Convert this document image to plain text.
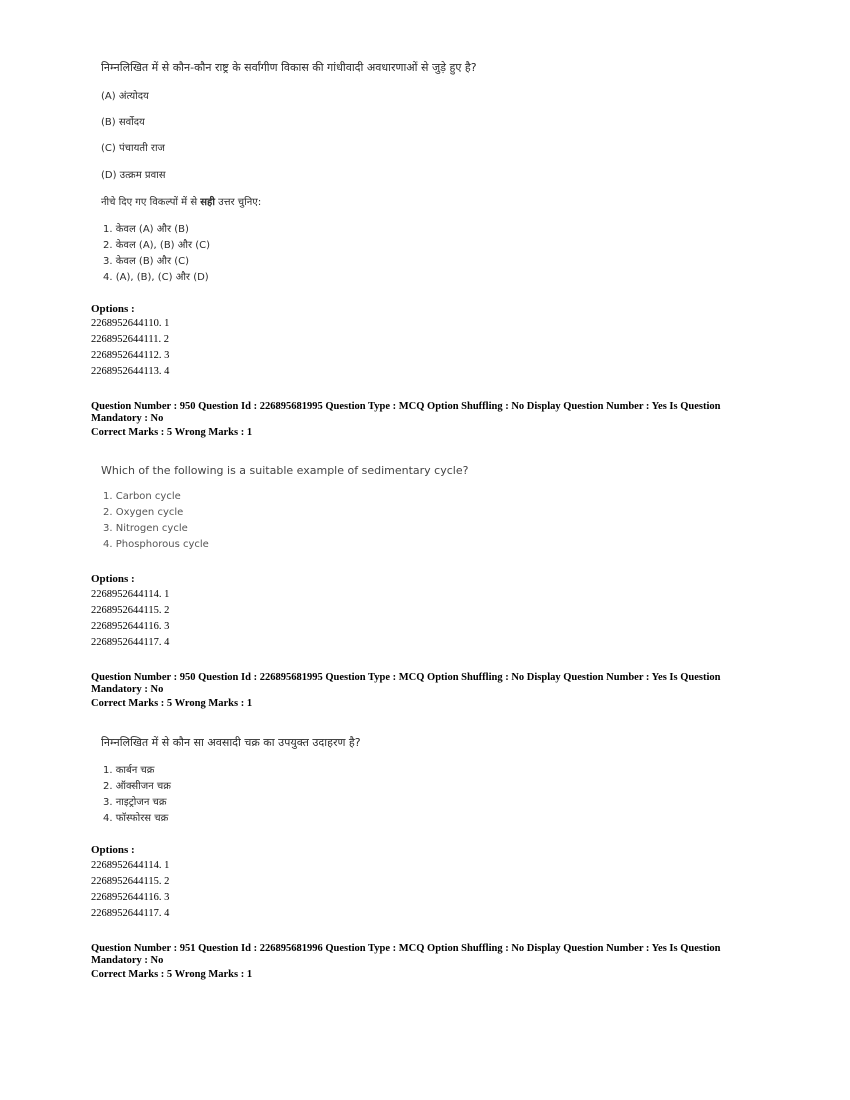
निम्नलिखित में से कौन-कौन राष्ट्र के सर्वांगीण विकास की गांधीवादी अवधारणाओं से जुड़े हुए है?
(A) अंत्योदय
(B) सर्वोदय
(C) पंचायती राज
(D) उत्क्रम प्रवास
नीचे दिए गए विकल्पों में से सही उत्तर चुनिए:
1. केवल (A) और (B)
2. केवल (A), (B) और (C)
3. केवल (B) और (C)
4. (A), (B), (C) और (D)
Options :
2268952644110. 1
2268952644111. 2
2268952644112. 3
2268952644113. 4
Question Number : 950 Question Id : 226895681995 Question Type : MCQ Option Shuffling : No Display Question Number : Yes Is Question Mandatory : No
Correct Marks : 5 Wrong Marks : 1
Which of the following is a suitable example of sedimentary cycle?
1. Carbon cycle
2. Oxygen cycle
3. Nitrogen cycle
4. Phosphorous cycle
Options :
2268952644114. 1
2268952644115. 2
2268952644116. 3
2268952644117. 4
Question Number : 950 Question Id : 226895681995 Question Type : MCQ Option Shuffling : No Display Question Number : Yes Is Question Mandatory : No
Correct Marks : 5 Wrong Marks : 1
निम्नलिखित में से कौन सा अवसादी चक्र का उपयुक्त उदाहरण है?
1. कार्बन चक्र
2. ऑक्सीजन चक्र
3. नाइट्रोजन चक्र
4. फॉस्फोरस चक्र
Options :
2268952644114. 1
2268952644115. 2
2268952644116. 3
2268952644117. 4
Question Number : 951 Question Id : 226895681996 Question Type : MCQ Option Shuffling : No Display Question Number : Yes Is Question Mandatory : No
Correct Marks : 5 Wrong Marks : 1
